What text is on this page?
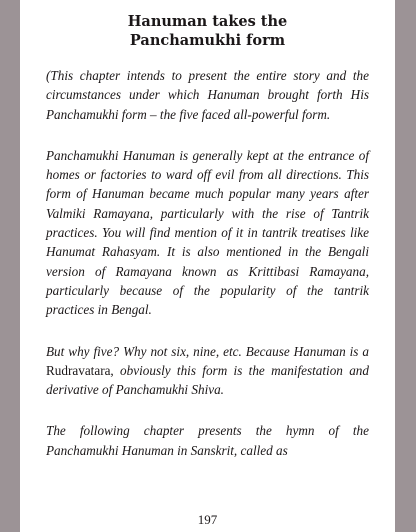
Hanuman takes the
Panchamukhi form

(This chapter intends to present the entire story and the circumstances under which Hanuman brought forth His Panchamukhi form – the five faced all-powerful form.

Panchamukhi Hanuman is generally kept at the entrance of homes or factories to ward off evil from all directions. This form of Hanuman became much popular many years after Valmiki Ramayana, particularly with the rise of Tantrik practices. You will find mention of it in tantrik treatises like Hanumat Rahasyam. It is also mentioned in the Bengali version of Ramayana known as Krittibasi Ramayana, particularly because of the popularity of the tantrik practices in Bengal.

But why five? Why not six, nine, etc. Because Hanuman is a Rudravatara, obviously this form is the manifestation and derivative of Panchamukhi Shiva.

The following chapter presents the hymn of the Panchamukhi Hanuman in Sanskrit, called as

197
